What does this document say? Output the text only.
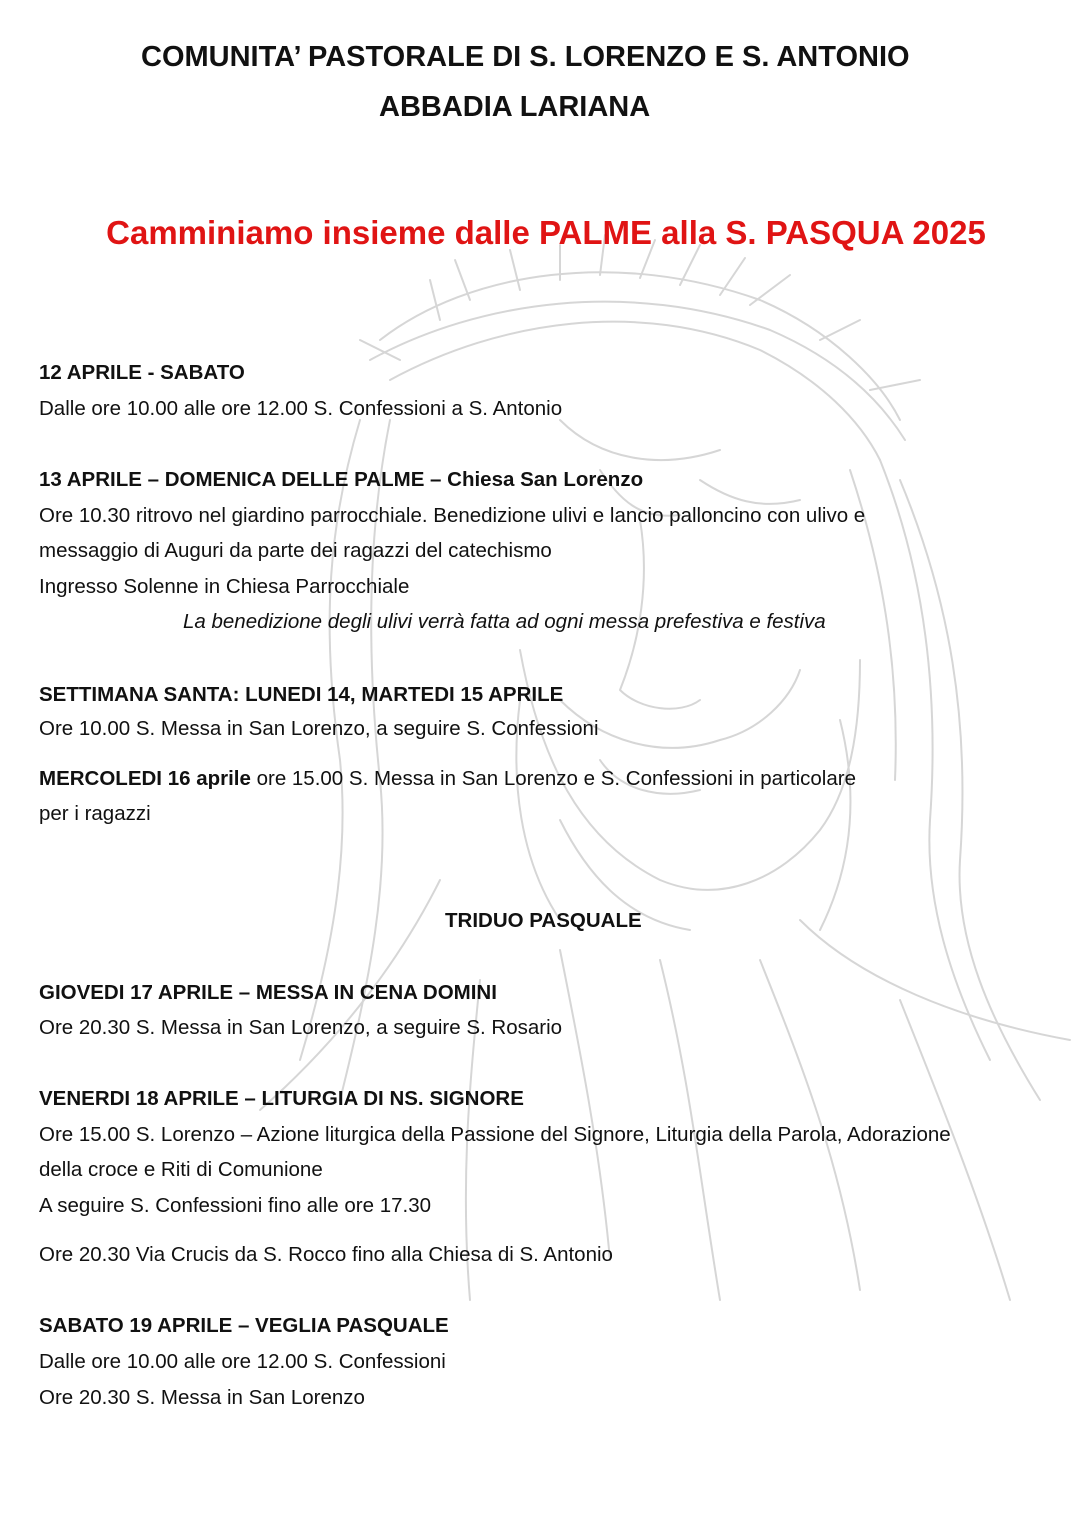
COMUNITA’ PASTORALE DI S. LORENZO E S. ANTONIO
ABBADIA LARIANA
Camminiamo insieme dalle PALME alla S. PASQUA 2025
12 APRILE - SABATO
Dalle ore 10.00 alle ore 12.00 S. Confessioni a S. Antonio
13 APRILE – DOMENICA DELLE PALME – Chiesa San Lorenzo
Ore 10.30 ritrovo nel giardino parrocchiale. Benedizione ulivi e lancio palloncino con ulivo e
messaggio di Auguri da parte dei ragazzi del catechismo
Ingresso Solenne in Chiesa Parrocchiale
La benedizione degli ulivi verrà fatta ad ogni messa prefestiva e festiva
SETTIMANA SANTA: LUNEDI 14, MARTEDI 15 APRILE
Ore 10.00 S. Messa in San Lorenzo, a seguire S. Confessioni
MERCOLEDI 16 aprile ore 15.00 S. Messa in San Lorenzo e S. Confessioni in particolare
per i ragazzi
TRIDUO PASQUALE
GIOVEDI 17 APRILE – MESSA IN CENA DOMINI
Ore 20.30 S. Messa in San Lorenzo, a seguire S. Rosario
VENERDI 18 APRILE – LITURGIA DI NS. SIGNORE
Ore 15.00 S. Lorenzo – Azione liturgica della Passione del Signore, Liturgia della Parola, Adorazione
della croce e Riti di Comunione
A seguire S. Confessioni fino alle ore 17.30
Ore 20.30 Via Crucis da S. Rocco fino alla Chiesa di S. Antonio
SABATO 19 APRILE – VEGLIA PASQUALE
Dalle ore 10.00 alle ore 12.00 S. Confessioni
Ore 20.30 S. Messa in San Lorenzo
